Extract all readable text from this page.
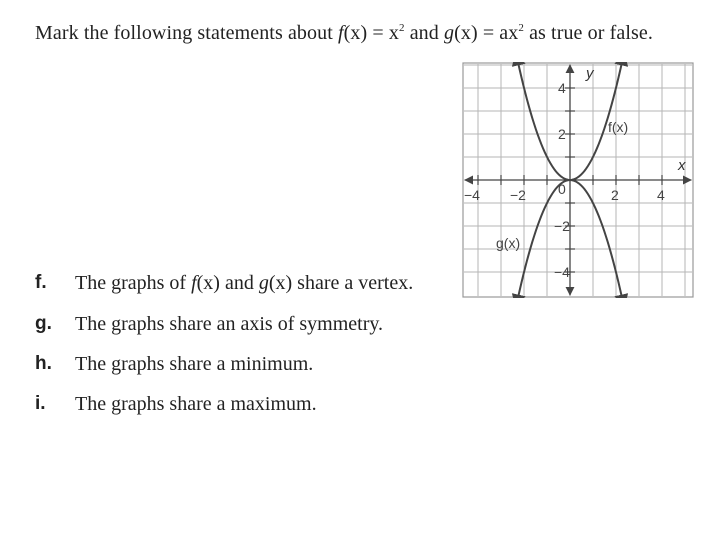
Mark the following statements about $f(x) = x^2$ and $g(x) = ax^2$ as true or false.
−4 −2	2	4
4
2
−2
−4
0
x
y
f(x)
g(x)
f. The graphs of f(x) and g(x) share a vertex.
g. The graphs share an axis of symmetry.
h. The graphs share a minimum.
i. The graphs share a maximum.
